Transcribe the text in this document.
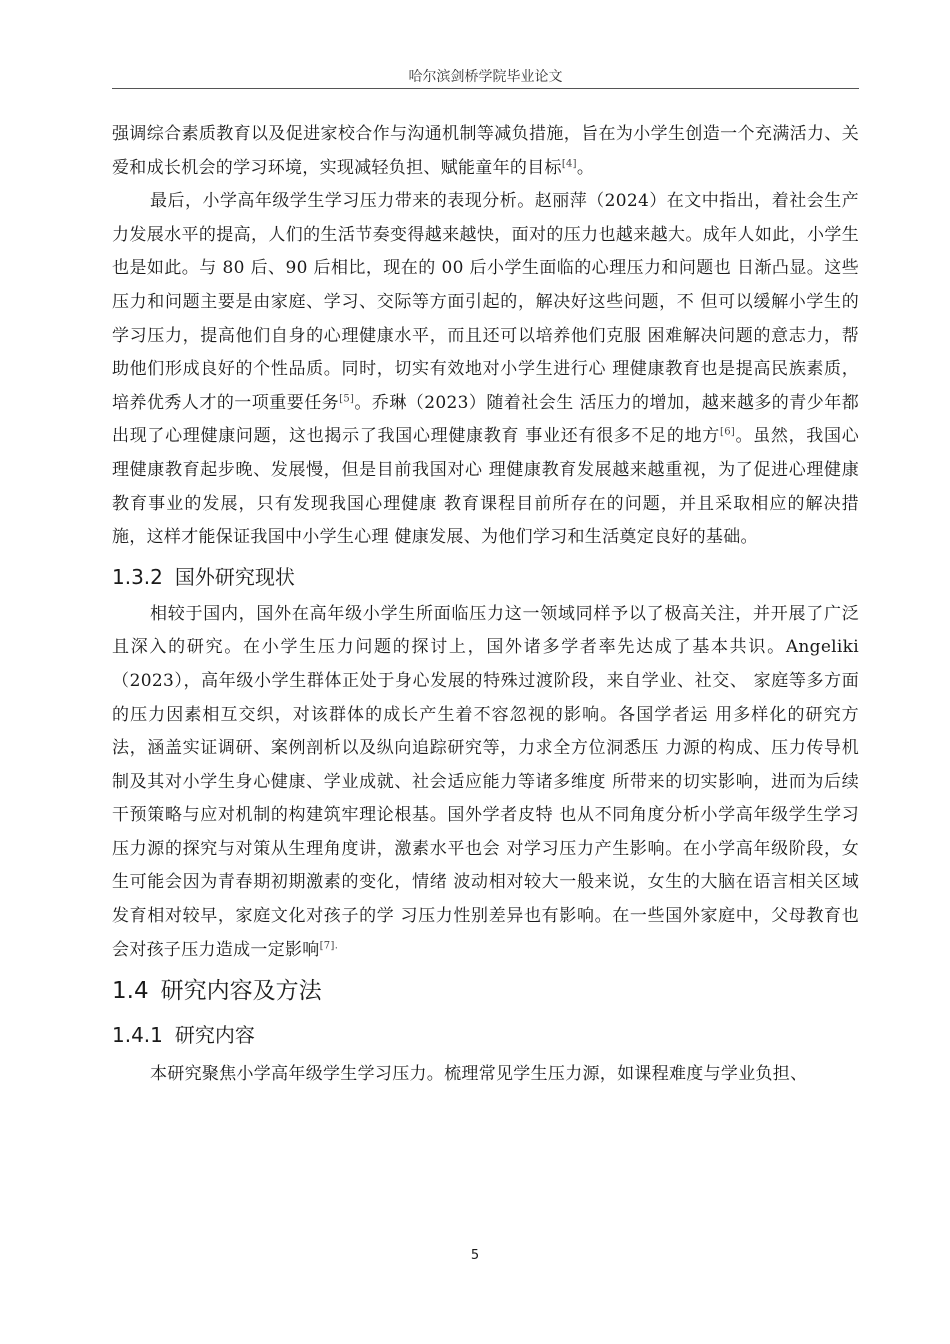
哈尔滨剑桥学院毕业论文

强调综合素质教育以及促进家校合作与沟通机制等减负措施，旨在为小学生创造一个充满活力、关爱和成长机会的学习环境，实现减轻负担、赋能童年的目标[4]。

最后，小学高年级学生学习压力带来的表现分析。赵丽萍（2024）在文中指出，着社会生产力发展水平的提高，人们的生活节奏变得越来越快，面对的压力也越来越大。成年人如此，小学生也是如此。与 80 后、90 后相比，现在的 00 后小学生面临的心理压力和问题也 日渐凸显。这些压力和问题主要是由家庭、学习、交际等方面引起的，解决好这些问题，不 但可以缓解小学生的学习压力，提高他们自身的心理健康水平，而且还可以培养他们克服 困难解决问题的意志力，帮助他们形成良好的个性品质。同时，切实有效地对小学生进行心 理健康教育也是提高民族素质，培养优秀人才的一项重要任务[5]。乔琳（2023）随着社会生 活压力的增加，越来越多的青少年都出现了心理健康问题，这也揭示了我国心理健康教育 事业还有很多不足的地方[6]。虽然，我国心理健康教育起步晚、发展慢，但是目前我国对心 理健康教育发展越来越重视，为了促进心理健康教育事业的发展，只有发现我国心理健康 教育课程目前所存在的问题，并且采取相应的解决措施，这样才能保证我国中小学生心理 健康发展、为他们学习和生活奠定良好的基础。

1.3.2 国外研究现状

相较于国内，国外在高年级小学生所面临压力这一领域同样予以了极高关注，并开展了广泛且深入的研究。在小学生压力问题的探讨上，国外诸多学者率先达成了基本共识。Angeliki（2023），高年级小学生群体正处于身心发展的特殊过渡阶段，来自学业、社交、 家庭等多方面的压力因素相互交织，对该群体的成长产生着不容忽视的影响。各国学者运 用多样化的研究方法，涵盖实证调研、案例剖析以及纵向追踪研究等，力求全方位洞悉压 力源的构成、压力传导机制及其对小学生身心健康、学业成就、社会适应能力等诸多维度 所带来的切实影响，进而为后续干预策略与应对机制的构建筑牢理论根基。国外学者皮特 也从不同角度分析小学高年级学生学习压力源的探究与对策从生理角度讲，激素水平也会 对学习压力产生影响。在小学高年级阶段，女生可能会因为青春期初期激素的变化，情绪 波动相对较大一般来说，女生的大脑在语言相关区域发育相对较早，家庭文化对孩子的学 习压力性别差异也有影响。在一些国外家庭中，父母教育也会对孩子压力造成一定影响$^{[7].}$

1.4 研究内容及方法
1.4.1 研究内容

本研究聚焦小学高年级学生学习压力。梳理常见学生压力源，如课程难度与学业负担、

5
